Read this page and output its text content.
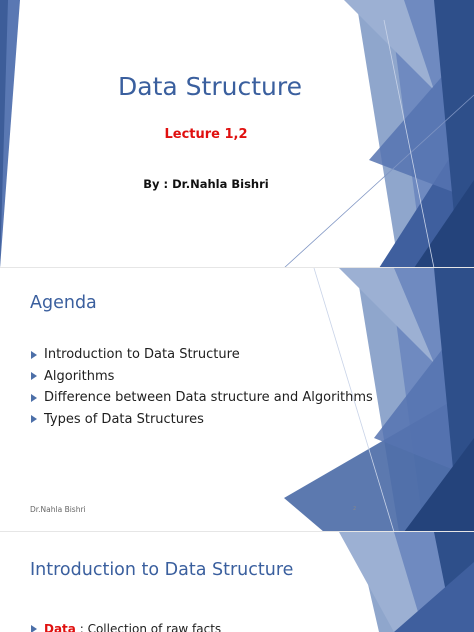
Data Structure
Lecture 1,2
By : Dr.Nahla Bishri
Agenda
Introduction to Data Structure
Algorithms
Difference between Data structure and Algorithms
Types of Data Structures
Dr.Nahla Bishri	2
Introduction to Data Structure
Data : Collection of raw facts
